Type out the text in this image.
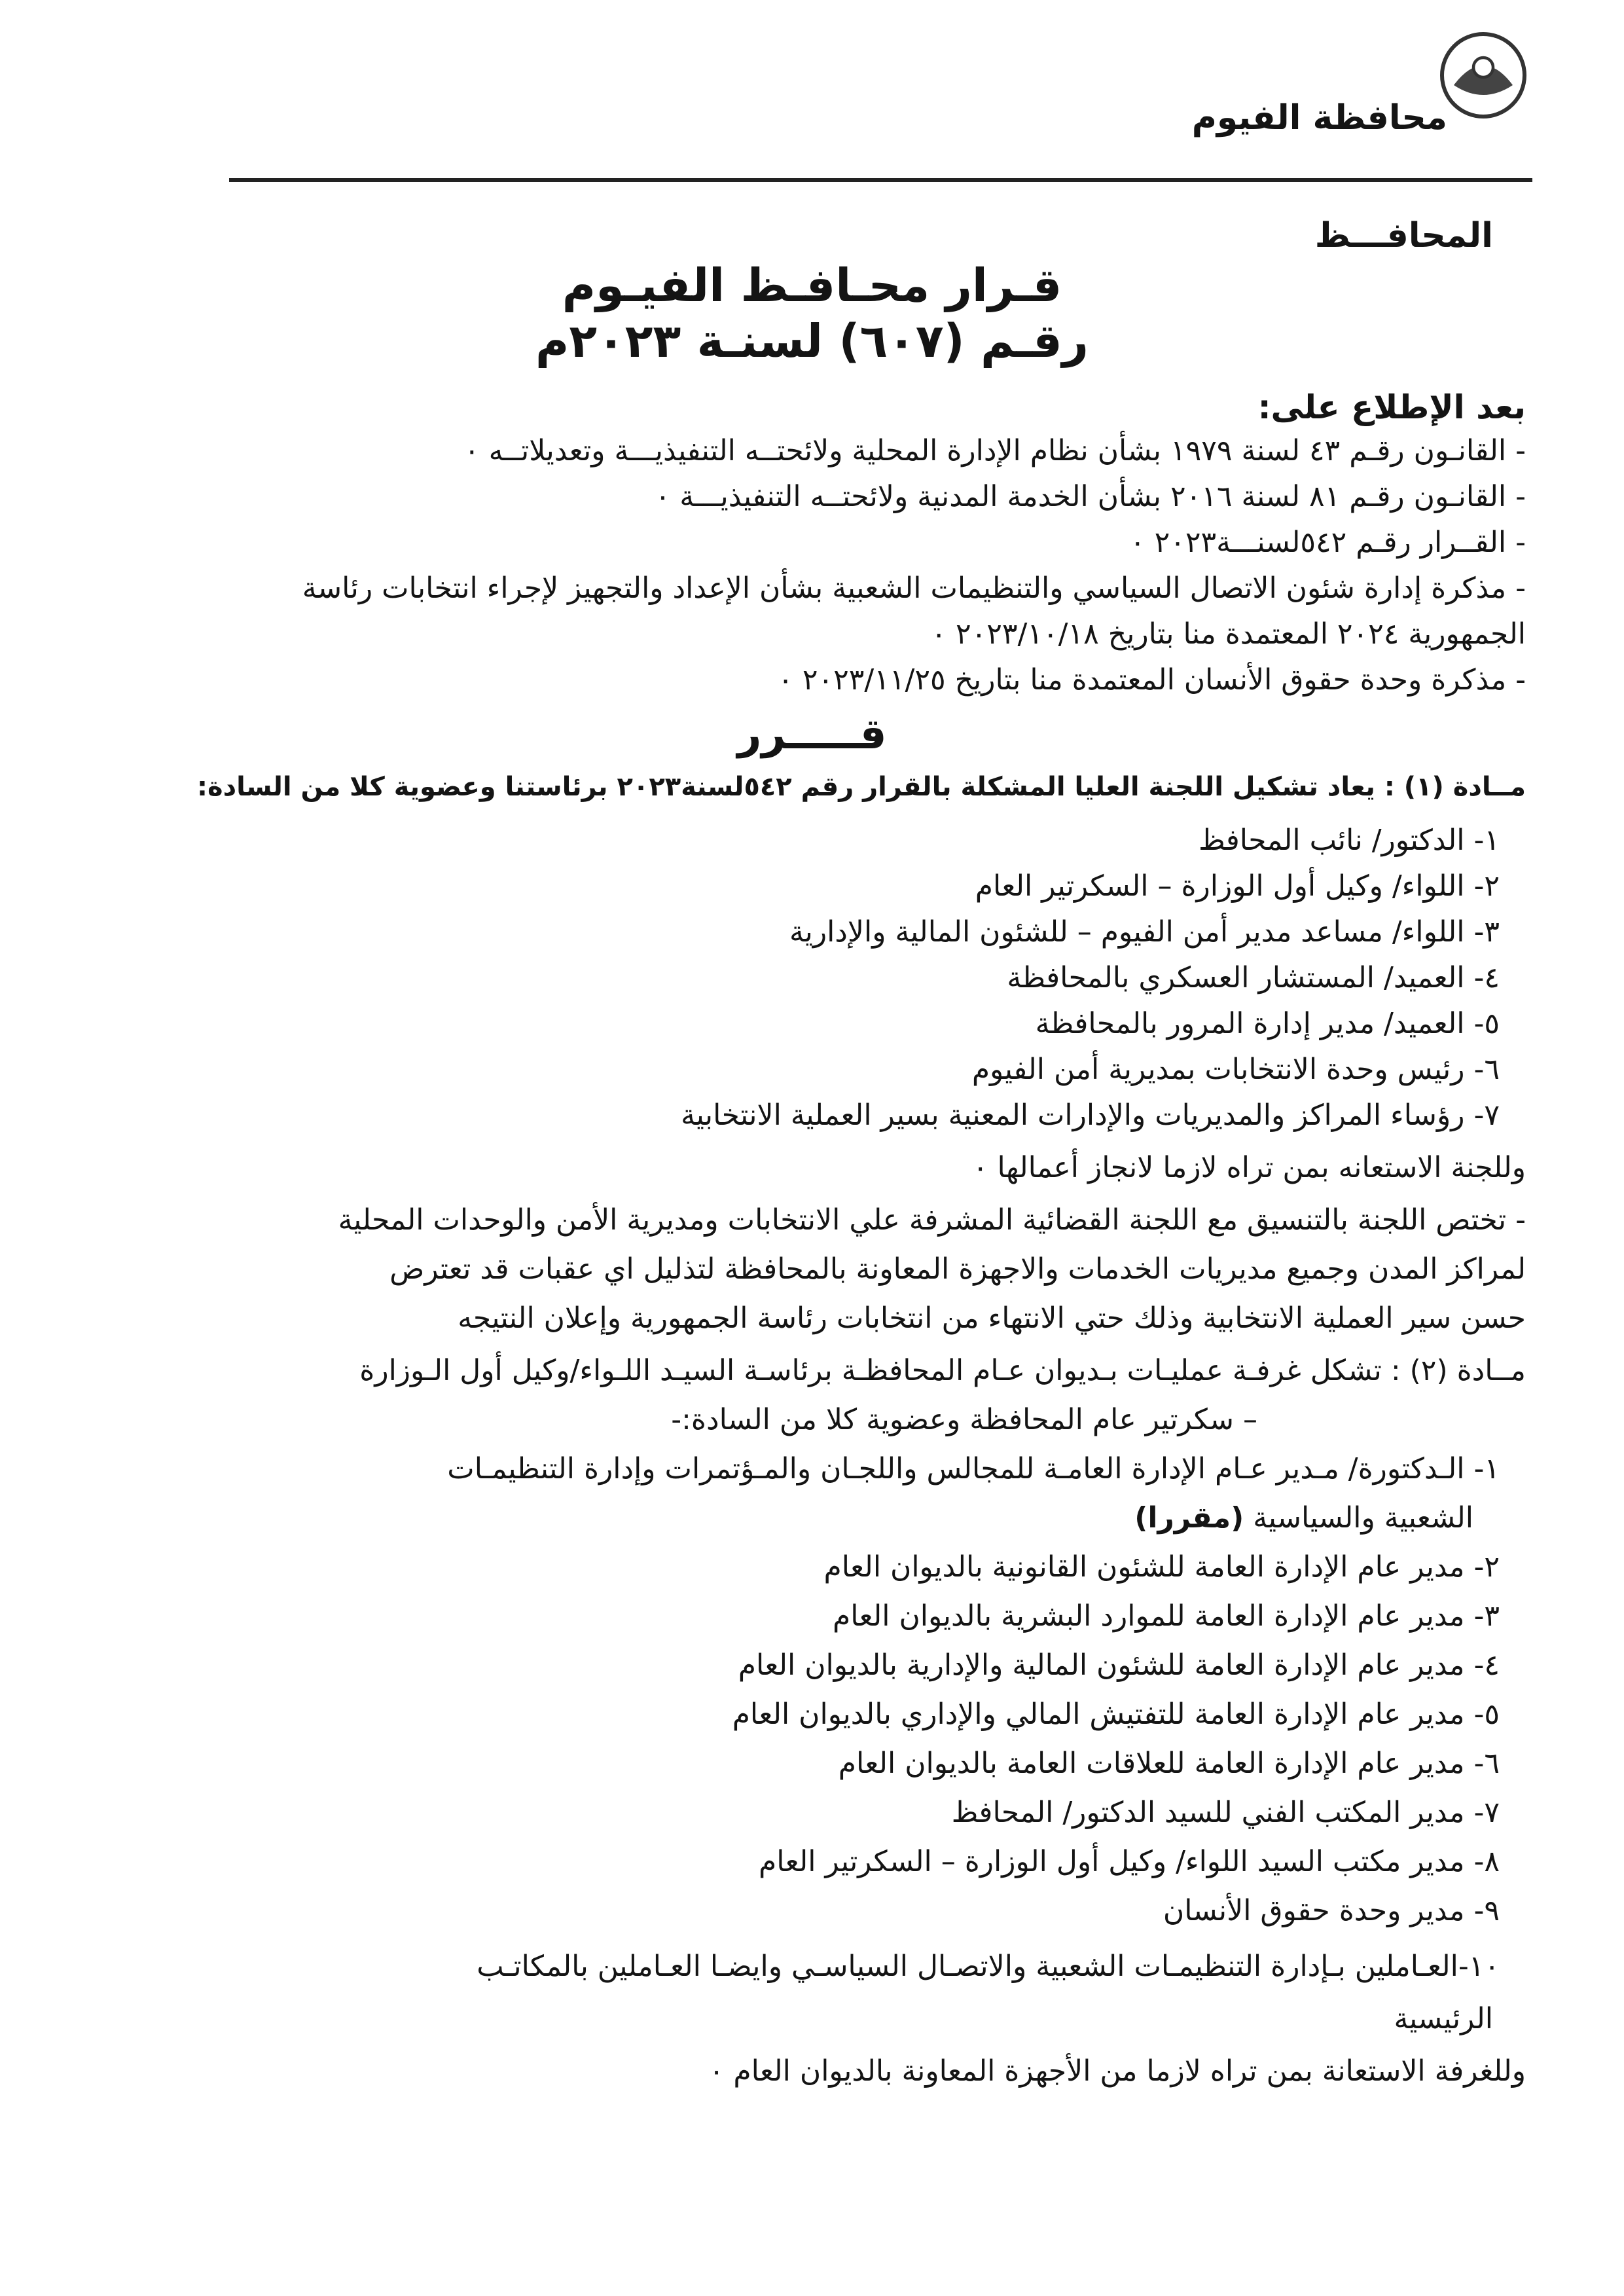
محافظة الفيوم
المحافـــظ
قـرار محـافـظ الفيـوم
رقـم (٦٠٧) لسنـة ٢٠٢٣م
بعد الإطلاع على:
- القانـون رقـم ٤٣ لسنة ١٩٧٩ بشأن نظام الإدارة المحلية ولائحتــه التنفيذيـــة وتعديلاتــه ٠
- القانـون رقـم ٨١ لسنة ٢٠١٦ بشأن الخدمة المدنية ولائحتــه التنفيذيـــة ٠
- القــرار رقـم ٥٤٢لسنـــة٢٠٢٣ ٠
- مذكرة إدارة شئون الاتصال السياسي والتنظيمات الشعبية بشأن الإعداد والتجهيز لإجراء انتخابات رئاسة
الجمهورية ٢٠٢٤ المعتمدة منا بتاريخ ٢٠٢٣/١٠/١٨ ٠
- مذكرة وحدة حقوق الأنسان المعتمدة منا بتاريخ ٢٠٢٣/١١/٢٥ ٠
قـــــرر
مــادة (١) : يعاد تشكيل اللجنة العليا المشكلة بالقرار رقم ٥٤٢لسنة٢٠٢٣ برئاستنا وعضوية كلا من السادة:
١- الدكتور/ نائب المحافظ
٢- اللواء/ وكيل أول الوزارة – السكرتير العام
٣- اللواء/ مساعد مدير أمن الفيوم – للشئون المالية والإدارية
٤- العميد/ المستشار العسكري بالمحافظة
٥- العميد/ مدير إدارة المرور بالمحافظة
٦- رئيس وحدة الانتخابات بمديرية أمن الفيوم
٧- رؤساء المراكز والمديريات والإدارات المعنية بسير العملية الانتخابية
وللجنة الاستعانه بمن تراه لازما لانجاز أعمالها ٠
- تختص اللجنة بالتنسيق مع اللجنة القضائية المشرفة علي الانتخابات ومديرية الأمن والوحدات المحلية
لمراكز المدن وجميع مديريات الخدمات والاجهزة المعاونة بالمحافظة لتذليل اي عقبات قد تعترض
حسن سير العملية الانتخابية وذلك حتي الانتهاء من انتخابات رئاسة الجمهورية وإعلان النتيجه
مــادة (٢) : تشكل غرفـة عمليـات بـديوان عـام المحافظـة برئاسـة السيـد اللـواء/وكيل أول الـوزارة
– سكرتير عام المحافظة وعضوية كلا من السادة:-
١- الـدكتورة/ مـدير عـام الإدارة العامـة للمجالس واللجـان والمـؤتمرات وإدارة التنظيمـات
الشعبية والسياسية (مقررا)
٢- مدير عام الإدارة العامة للشئون القانونية بالديوان العام
٣- مدير عام الإدارة العامة للموارد البشرية بالديوان العام
٤- مدير عام الإدارة العامة للشئون المالية والإدارية بالديوان العام
٥- مدير عام الإدارة العامة للتفتيش المالي والإداري بالديوان العام
٦- مدير عام الإدارة العامة للعلاقات العامة بالديوان العام
٧- مدير المكتب الفني للسيد الدكتور/ المحافظ
٨- مدير مكتب السيد اللواء/ وكيل أول الوزارة – السكرتير العام
٩- مدير وحدة حقوق الأنسان
١٠-العـاملين بـإدارة التنظيمـات الشعبية والاتصـال السياسـي وايضـا العـاملين بالمكاتـب
الرئيسية
وللغرفة الاستعانة بمن تراه لازما من الأجهزة المعاونة بالديوان العام ٠
